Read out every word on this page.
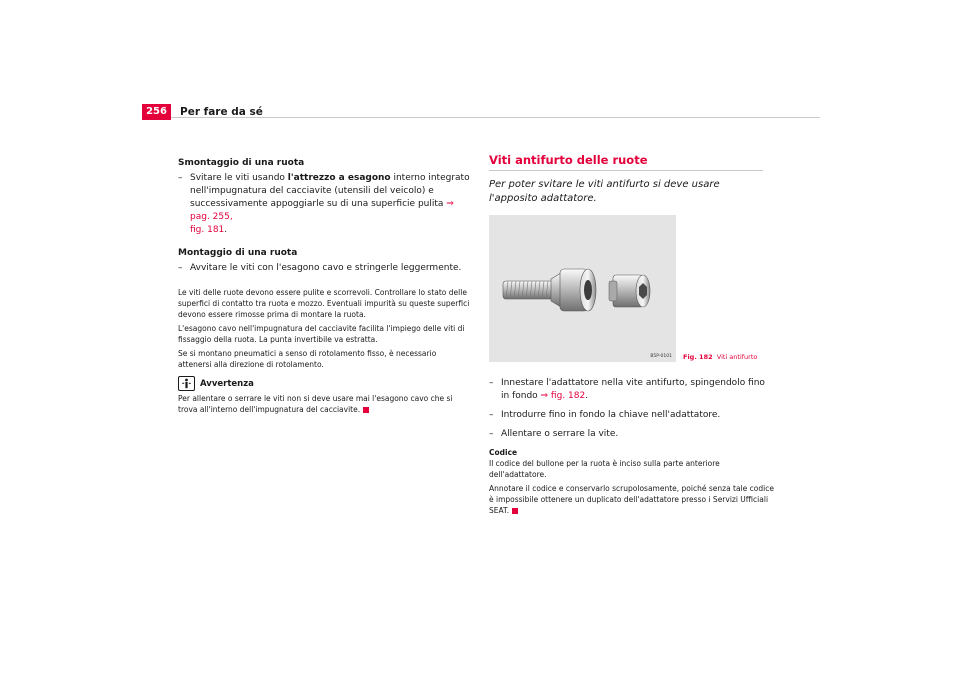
256	Per fare da sé
Smontaggio di una ruota
– Svitare le viti usando l'attrezzo a esagono interno integrato nell'impugnatura del cacciavite (utensili del veicolo) e successivamente appoggiarle su di una superficie pulita ⇒ pag. 255,
fig. 181.
Montaggio di una ruota
– Avvitare le viti con l'esagono cavo e stringerle leggermente.

Le viti delle ruote devono essere pulite e scorrevoli. Controllare lo stato delle superfici di contatto tra ruota e mozzo. Eventuali impurità su queste superfici devono essere rimosse prima di montare la ruota.

L'esagono cavo nell'impugnatura del cacciavite facilita l'impiego delle viti di fissaggio della ruota. La punta invertibile va estratta.

Se si montano pneumatici a senso di rotolamento fisso, è necessario attenersi alla direzione di rotolamento.

Avvertenza

Per allentare o serrare le viti non si deve usare mai l'esagono cavo che si trova all'interno dell'impugnatura del cacciavite.

Viti antifurto delle ruote

Per poter svitare le viti antifurto si deve usare l'apposito adattatore.

B5P-0101 Fig. 182 Viti antifurto
– Innestare l'adattatore nella vite antifurto, spingendolo fino in fondo ⇒ fig. 182.
– Introdurre fino in fondo la chiave nell'adattatore.
– Allentare o serrare la vite.
Codice

Il codice del bullone per la ruota è inciso sulla parte anteriore dell'adattatore.

Annotare il codice e conservarlo scrupolosamente, poiché senza tale codice è impossibile ottenere un duplicato dell'adattatore presso i Servizi Ufficiali SEAT.
